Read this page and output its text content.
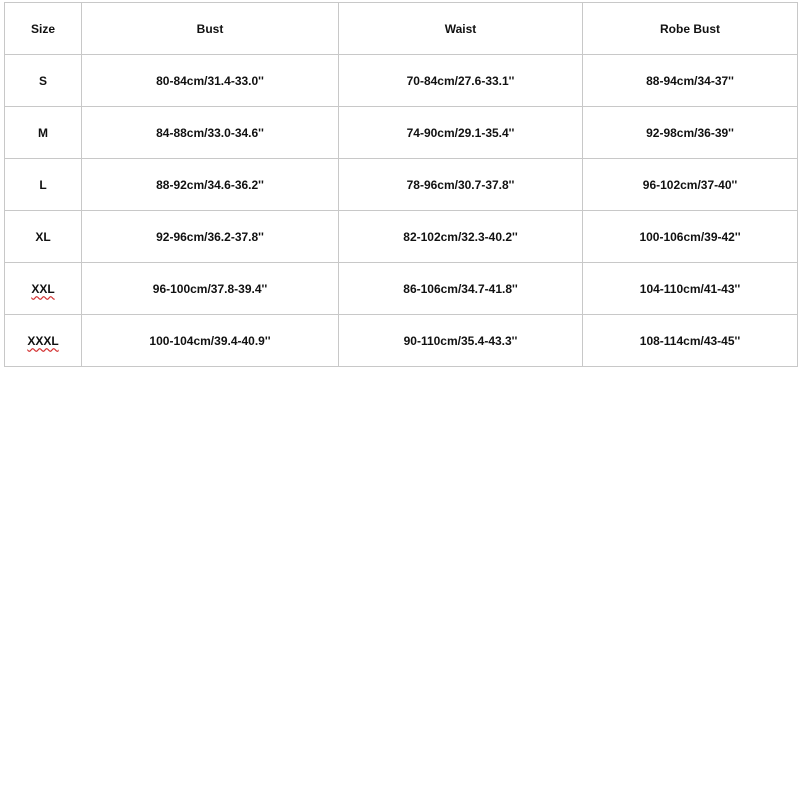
Size	Bust	Waist	Robe Bust
S	80-84cm/31.4-33.0''	70-84cm/27.6-33.1''	88-94cm/34-37''
M	84-88cm/33.0-34.6''	74-90cm/29.1-35.4''	92-98cm/36-39''
L	88-92cm/34.6-36.2''	78-96cm/30.7-37.8''	96-102cm/37-40''
XL	92-96cm/36.2-37.8''	82-102cm/32.3-40.2''	100-106cm/39-42''
XXL	96-100cm/37.8-39.4''	86-106cm/34.7-41.8''	104-110cm/41-43''
XXXL	100-104cm/39.4-40.9''	90-110cm/35.4-43.3''	108-114cm/43-45''
